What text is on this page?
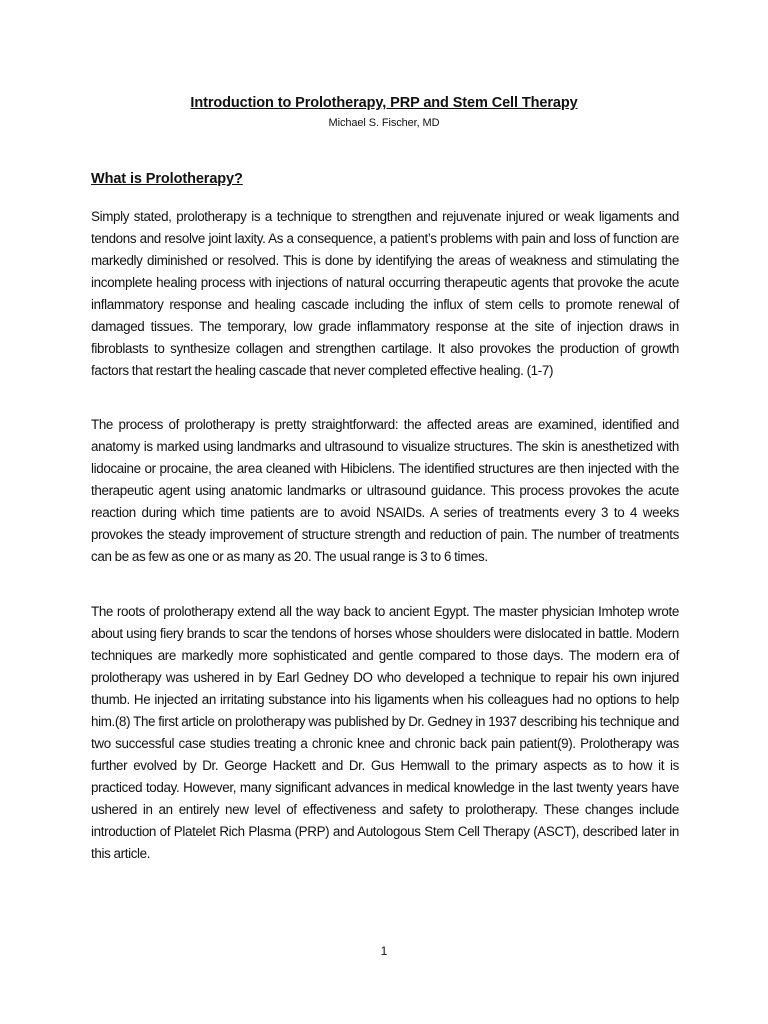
Introduction to Prolotherapy, PRP and Stem Cell Therapy
Michael S. Fischer, MD
What is Prolotherapy?

Simply stated, prolotherapy is a technique to strengthen and rejuvenate injured or weak ligaments and tendons and resolve joint laxity. As a consequence, a patient’s problems with pain and loss of function are markedly diminished or resolved. This is done by identifying the areas of weakness and stimulating the incomplete healing process with injections of natural occurring therapeutic agents that provoke the acute inflammatory response and healing cascade including the influx of stem cells to promote renewal of damaged tissues. The temporary, low grade inflammatory response at the site of injection draws in fibroblasts to synthesize collagen and strengthen cartilage. It also provokes the production of growth factors that restart the healing cascade that never completed effective healing. (1-7)

The process of prolotherapy is pretty straightforward: the affected areas are examined, identified and anatomy is marked using landmarks and ultrasound to visualize structures. The skin is anesthetized with lidocaine or procaine, the area cleaned with Hibiclens. The identified structures are then injected with the therapeutic agent using anatomic landmarks or ultrasound guidance. This process provokes the acute reaction during which time patients are to avoid NSAIDs. A series of treatments every 3 to 4 weeks provokes the steady improvement of structure strength and reduction of pain. The number of treatments can be as few as one or as many as 20. The usual range is 3 to 6 times.

The roots of prolotherapy extend all the way back to ancient Egypt. The master physician Imhotep wrote about using fiery brands to scar the tendons of horses whose shoulders were dislocated in battle. Modern techniques are markedly more sophisticated and gentle compared to those days. The modern era of prolotherapy was ushered in by Earl Gedney DO who developed a technique to repair his own injured thumb. He injected an irritating substance into his ligaments when his colleagues had no options to help him.(8) The first article on prolotherapy was published by Dr. Gedney in 1937 describing his technique and two successful case studies treating a chronic knee and chronic back pain patient(9). Prolotherapy was further evolved by Dr. George Hackett and Dr. Gus Hemwall to the primary aspects as to how it is practiced today. However, many significant advances in medical knowledge in the last twenty years have ushered in an entirely new level of effectiveness and safety to prolotherapy. These changes include introduction of Platelet Rich Plasma (PRP) and Autologous Stem Cell Therapy (ASCT), described later in this article.

1
